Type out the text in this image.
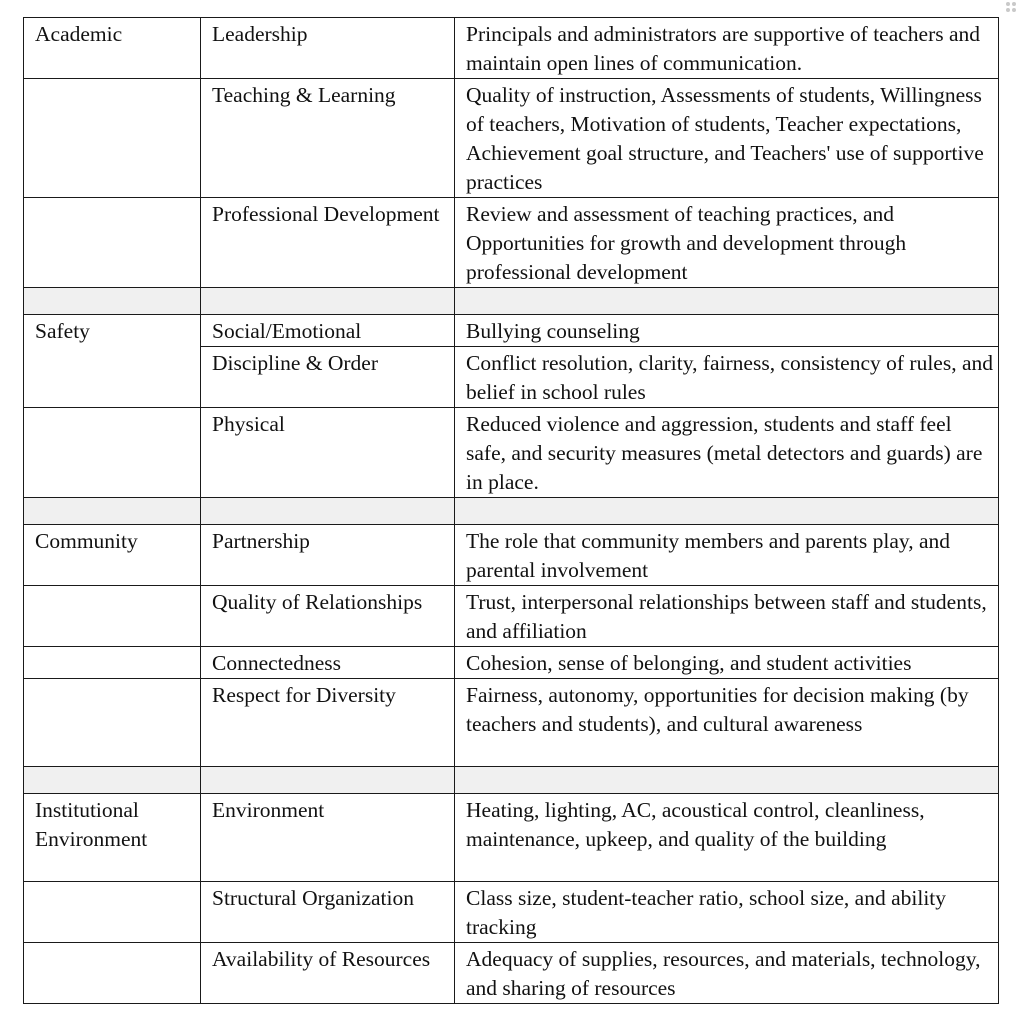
Academic	Leadership	Principals and administrators are supportive of teachers and maintain open lines of communication.
	Teaching & Learning	Quality of instruction, Assessments of students, Willingness of teachers, Motivation of students, Teacher expectations, Achievement goal structure, and Teachers' use of supportive practices
	Professional Development	Review and assessment of teaching practices, and Opportunities for growth and development through professional development

Safety	Social/Emotional	Bullying counseling
	Discipline & Order	Conflict resolution, clarity, fairness, consistency of rules, and belief in school rules
	Physical	Reduced violence and aggression, students and staff feel safe, and security measures (metal detectors and guards) are in place.

Community	Partnership	The role that community members and parents play, and parental involvement
	Quality of Relationships	Trust, interpersonal relationships between staff and students, and affiliation
	Connectedness	Cohesion, sense of belonging, and student activities
	Respect for Diversity	Fairness, autonomy, opportunities for decision making (by teachers and students), and cultural awareness

Institutional Environment	Environment	Heating, lighting, AC, acoustical control, cleanliness, maintenance, upkeep, and quality of the building
	Structural Organization	Class size, student-teacher ratio, school size, and ability tracking
	Availability of Resources	Adequacy of supplies, resources, and materials, technology, and sharing of resources
